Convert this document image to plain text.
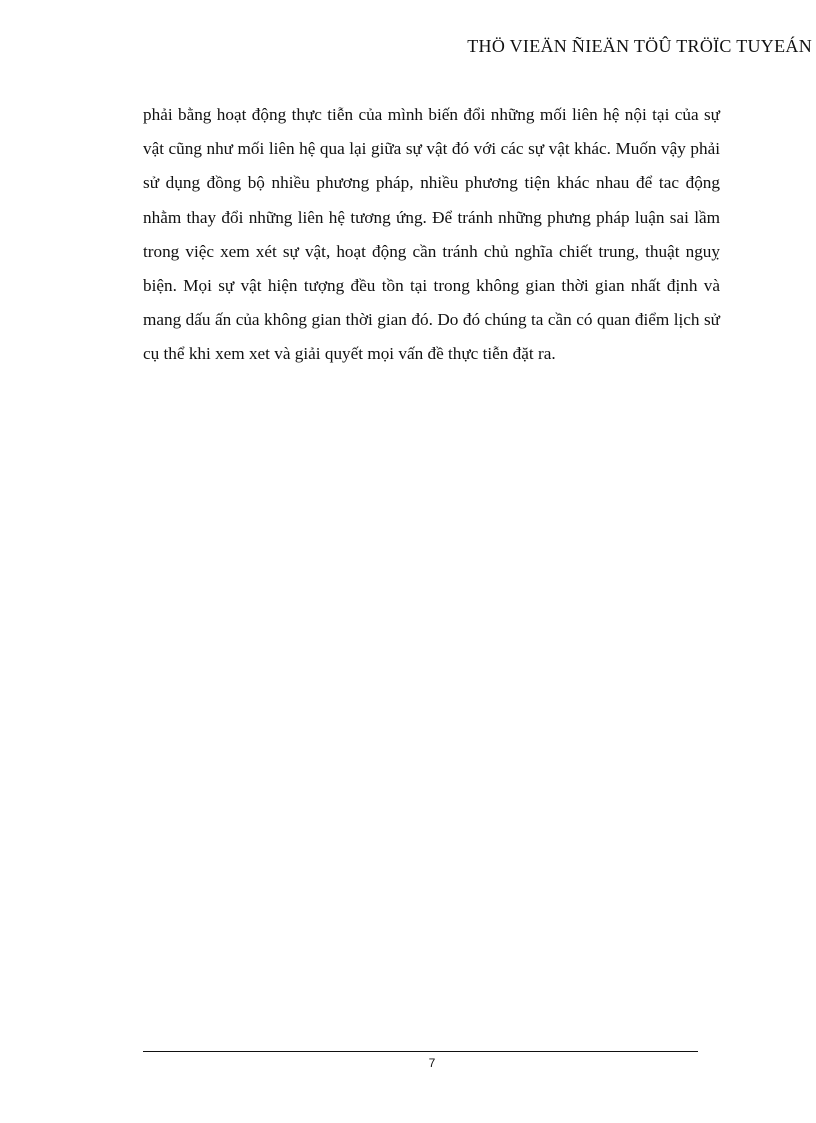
THÖ VIEÄN ÑIEÄN TÖÛ TRÖÏC TUYEÁN

phải bằng hoạt động thực tiễn của mình biến đổi những mối liên hệ nội tại của sự vật cũng như mối liên hệ qua lại giữa sự vật đó với các sự vật khác. Muốn vậy phải sử dụng đồng bộ nhiều phương pháp, nhiều phương tiện khác nhau để tac động nhằm thay đổi những liên hệ tương ứng. Để tránh những phưng pháp luận sai lầm trong việc xem xét sự vật, hoạt động cần tránh chủ nghĩa chiết trung, thuật nguỵ biện. Mọi sự vật hiện tượng đều tồn tại trong không gian thời gian nhất định và mang dấu ấn của không gian thời gian đó. Do đó chúng ta cần có quan điểm lịch sử cụ thể khi xem xet và giải quyết mọi vấn đề thực tiễn đặt ra.

7
